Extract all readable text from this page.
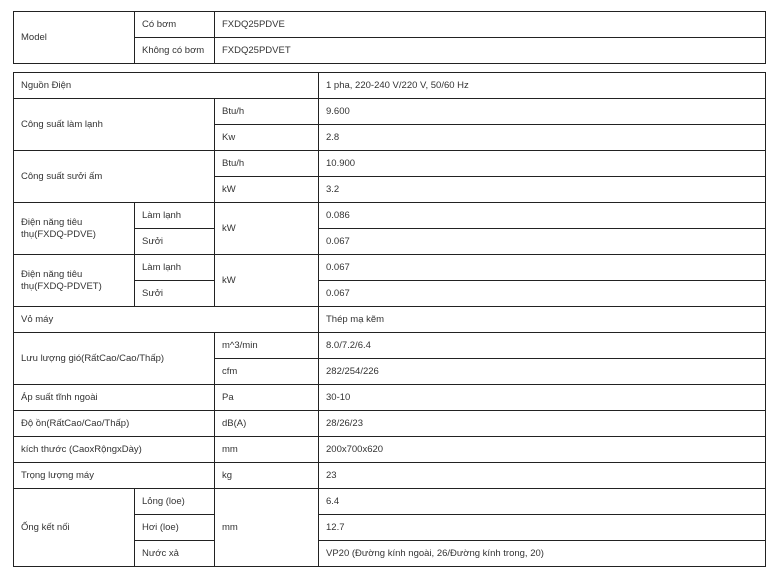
Model	Có bơm	FXDQ25PDVE	
	Không có bơm	FXDQ25PDVET	

Nguồn Điện			1 pha, 220-240 V/220 V, 50/60 Hz
Công suất làm lạnh		Btu/h	9.600
		Kw	2.8
Công suất sưởi ấm		Btu/h	10.900
		kW	3.2
Điện năng tiêu thụ(FXDQ-PDVE)	Làm lạnh	kW	0.086
	Sưởi		0.067
Điện năng tiêu thụ(FXDQ-PDVET)	Làm lạnh	kW	0.067
	Sưởi		0.067
Vỏ máy			Thép mạ kẽm
Lưu lượng gió(RấtCao/Cao/Thấp)		m^3/min	8.0/7.2/6.4
		cfm	282/254/226
Áp suất tĩnh ngoài		Pa	30-10
Độ ồn(RấtCao/Cao/Thấp)		dB(A)	28/26/23
kích thước (CaoxRộngxDày)		mm	200x700x620
Trọng lượng máy		kg	23
Ống kết nối	Lỏng (loe)	mm	6.4
	Hơi (loe)		12.7
	Nước xả		VP20 (Đường kính ngoài, 26/Đường kính trong, 20)
